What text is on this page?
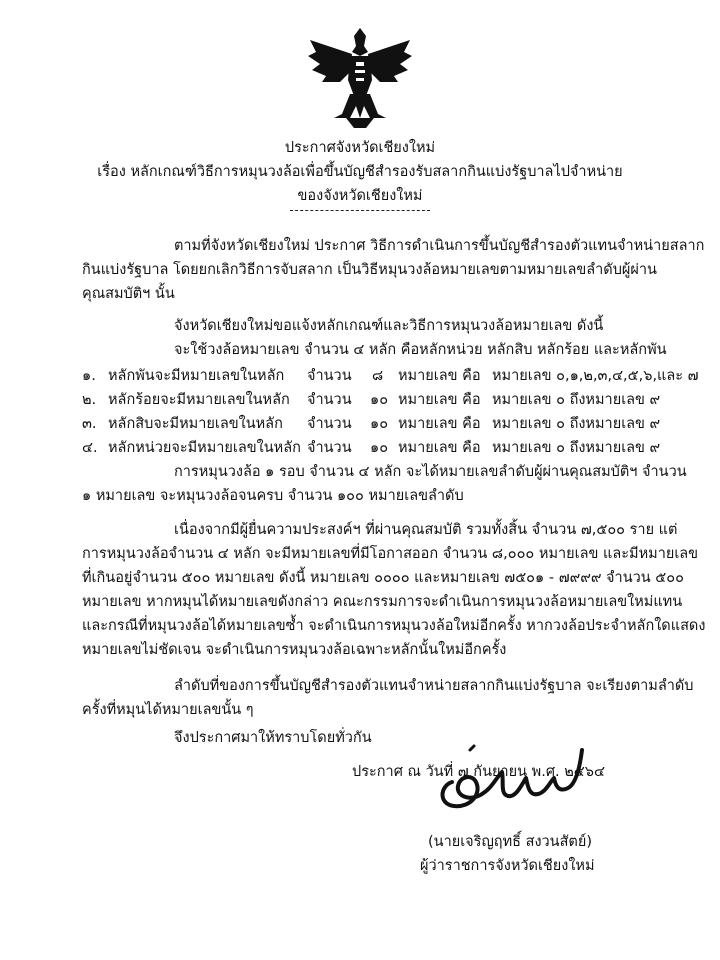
ประกาศจังหวัดเชียงใหม่
เรื่อง หลักเกณฑ์วิธีการหมุนวงล้อเพื่อขึ้นบัญชีสำรองรับสลากกินแบ่งรัฐบาลไปจำหน่าย
ของจังหวัดเชียงใหม่
ตามที่จังหวัดเชียงใหม่ ประกาศ วิธีการดำเนินการขึ้นบัญชีสำรองตัวแทนจำหน่ายสลาก
กินแบ่งรัฐบาล โดยยกเลิกวิธีการจับสลาก เป็นวิธีหมุนวงล้อหมายเลขตามหมายเลขลำดับผู้ผ่าน
คุณสมบัติฯ นั้น
จังหวัดเชียงใหม่ขอแจ้งหลักเกณฑ์และวิธีการหมุนวงล้อหมายเลข ดังนี้
จะใช้วงล้อหมายเลข จำนวน ๔ หลัก คือหลักหน่วย หลักสิบ หลักร้อย และหลักพัน
๑. หลักพันจะมีหมายเลขในหลัก จำนวน ๘ หมายเลข คือ หมายเลข ๐,๑,๒,๓,๔,๕,๖,และ ๗
๒. หลักร้อยจะมีหมายเลขในหลัก จำนวน ๑๐ หมายเลข คือ หมายเลข ๐ ถึงหมายเลข ๙
๓. หลักสิบจะมีหมายเลขในหลัก จำนวน ๑๐ หมายเลข คือ หมายเลข ๐ ถึงหมายเลข ๙
๔. หลักหน่วยจะมีหมายเลขในหลัก จำนวน ๑๐ หมายเลข คือ หมายเลข ๐ ถึงหมายเลข ๙
การหมุนวงล้อ ๑ รอบ จำนวน ๔ หลัก จะได้หมายเลขลำดับผู้ผ่านคุณสมบัติฯ จำนวน
๑ หมายเลข จะหมุนวงล้อจนครบ จำนวน ๑๐๐ หมายเลขลำดับ
เนื่องจากมีผู้ยื่นความประสงค์ฯ ที่ผ่านคุณสมบัติ รวมทั้งสิ้น จำนวน ๗,๕๐๐ ราย แต่
การหมุนวงล้อจำนวน ๔ หลัก จะมีหมายเลขที่มีโอกาสออก จำนวน ๘,๐๐๐ หมายเลข และมีหมายเลข
ที่เกินอยู่จำนวน ๕๐๐ หมายเลข ดังนี้ หมายเลข ๐๐๐๐ และหมายเลข ๗๕๐๑ - ๗๙๙๙ จำนวน ๕๐๐
หมายเลข หากหมุนได้หมายเลขดังกล่าว คณะกรรมการจะดำเนินการหมุนวงล้อหมายเลขใหม่แทน
และกรณีที่หมุนวงล้อได้หมายเลขซ้ำ จะดำเนินการหมุนวงล้อใหม่อีกครั้ง หากวงล้อประจำหลักใดแสดง
หมายเลขไม่ชัดเจน จะดำเนินการหมุนวงล้อเฉพาะหลักนั้นใหม่อีกครั้ง
ลำดับที่ของการขึ้นบัญชีสำรองตัวแทนจำหน่ายสลากกินแบ่งรัฐบาล จะเรียงตามลำดับ
ครั้งที่หมุนได้หมายเลขนั้น ๆ
จึงประกาศมาให้ทราบโดยทั่วกัน
ประกาศ ณ วันที่ ๗ กันยายน พ.ศ. ๒๕๖๔
(นายเจริญฤทธิ์ สงวนสัตย์)
ผู้ว่าราชการจังหวัดเชียงใหม่
